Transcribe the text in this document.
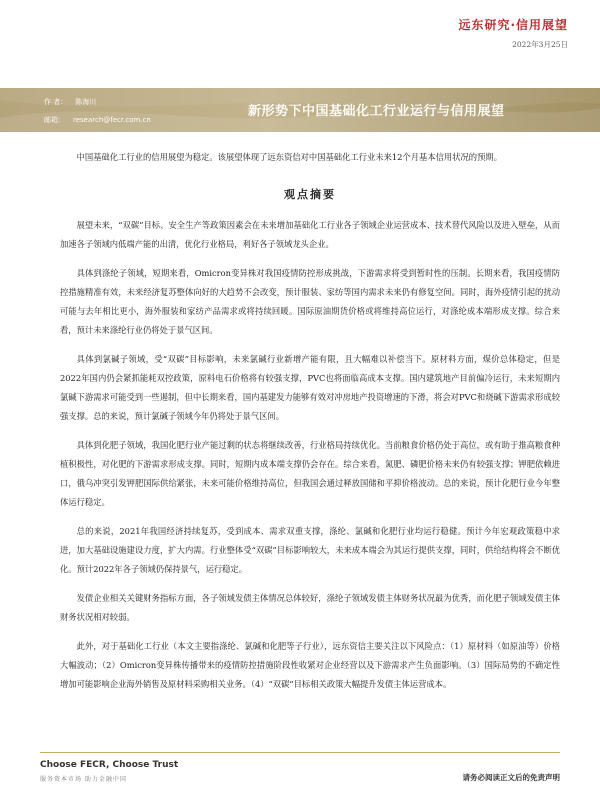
远东研究·信用展望
2022年3月25日
作 者： 陈海川
邮箱： research@fecr.com.cn
新形势下中国基础化工行业运行与信用展望

中国基础化工行业的信用展望为稳定。该展望体现了远东资信对中国基础化工行业未来12个月基本信用状况的预期。

观点摘要

展望未来，“双碳”目标、安全生产等政策因素会在未来增加基础化工行业各子领域企业运营成本、技术替代风险以及进入壁垒，从而加速各子领域内低端产能的出清，优化行业格局，利好各子领域龙头企业。

具体到涤纶子领域，短期来看，Omicron变异株对我国疫情防控形成挑战，下游需求将受到暂时性的压制。长期来看，我国疫情防控措施精准有效，未来经济复苏整体向好的大趋势不会改变，预计服装、家纺等国内需求未来仍有修复空间。同时，海外疫情引起的扰动可能与去年相比更小，海外服装和家纺产品需求或将持续回暖。国际原油期货价格或将维持高位运行，对涤纶成本端形成支撑。综合来看，预计未来涤纶行业仍将处于景气区间。

具体到氯碱子领域，受“双碳”目标影响，未来氯碱行业新增产能有限，且大幅难以补偿当下。原材料方面，煤价总体稳定，但是2022年国内仍会紧抓能耗双控政策，原料电石价格将有较强支撑，PVC也将面临高成本支撑。国内建筑地产目前偏冷运行，未来短期内氯碱下游需求可能受到一些遏制，但中长期来看，国内基建发力能够有效对冲房地产投资增速的下滑，将会对PVC和烧碱下游需求形成较强支撑。总的来说，预计氯碱子领域今年仍将处于景气区间。

具体到化肥子领域，我国化肥行业产能过剩的状态将继续改善，行业格局持续优化。当前粮食价格仍处于高位，或有助于推高粮食种植积极性，对化肥的下游需求形成支撑。同时，短期内成本端支撑仍会存在。综合来看，氮肥、磷肥价格未来仍有较强支撑；钾肥依赖进口，俄乌冲突引发钾肥国际供给紧张，未来可能价格维持高位，但我国会通过释放国储和平抑价格波动。总的来说，预计化肥行业今年整体运行稳定。

总的来说，2021年我国经济持续复苏，受到成本、需求双重支撑，涤纶、氯碱和化肥行业均运行稳健。预计今年宏观政策稳中求进，加大基础设施建设力度，扩大内需。行业整体受“双碳”目标影响较大，未来成本端会为其运行提供支撑，同时，供给结构将会不断优化。预计2022年各子领域仍保持景气，运行稳定。

发债企业相关关键财务指标方面，各子领域发债主体情况总体较好，涤纶子领域发债主体财务状况最为优秀，而化肥子领域发债主体财务状况相对较弱。

此外，对于基础化工行业（本文主要指涤纶、氯碱和化肥等子行业），远东资信主要关注以下风险点：（1）原材料（如原油等）价格大幅波动；（2）Omicron变异株传播带来的疫情防控措施阶段性收紧对企业经营以及下游需求产生负面影响。（3）国际局势的不确定性增加可能影响企业海外销售及原材料采购相关业务。（4）“双碳”目标相关政策大幅提升发债主体运营成本。

Choose FECR, Choose Trust
服务资本市场 助力金融中国	请务必阅读正文后的免责声明
